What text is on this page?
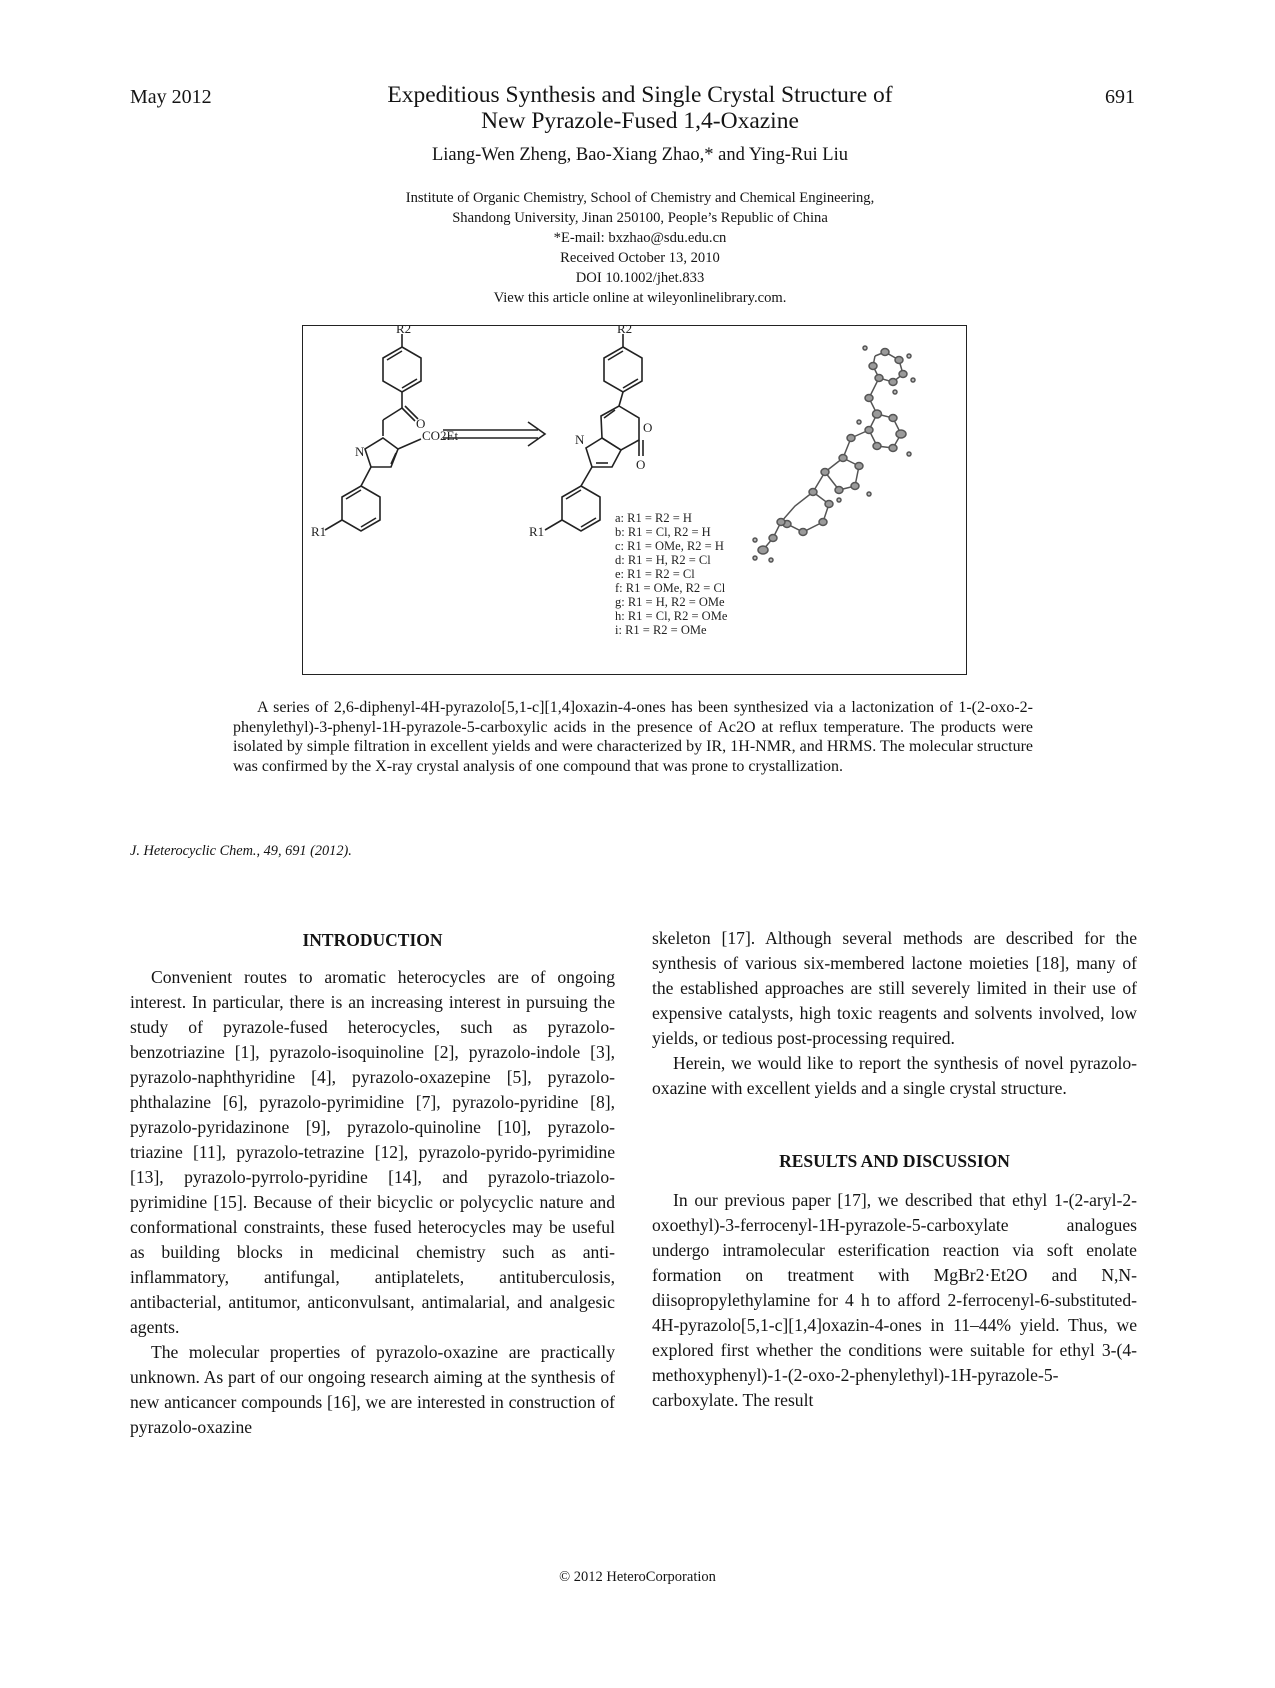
May 2012	Expeditious Synthesis and Single Crystal Structure of
New Pyrazole-Fused 1,4-Oxazine
691
Liang-Wen Zheng, Bao-Xiang Zhao,* and Ying-Rui Liu
Institute of Organic Chemistry, School of Chemistry and Chemical Engineering,
Shandong University, Jinan 250100, People’s Republic of China
*E-mail: bxzhao@sdu.edu.cn
Received October 13, 2010
DOI 10.1002/jhet.833
View this article online at wileyonlinelibrary.com.
R2
O
CO2Et
N
R1
R2
O
O
N
R1
a: R1 = R2 = H
b: R1 = Cl, R2 = H
c: R1 = OMe, R2 = H
d: R1 = H, R2 = Cl
e: R1 = R2 = Cl
f: R1 = OMe, R2 = Cl
g: R1 = H, R2 = OMe
h: R1 = Cl, R2 = OMe
i: R1 = R2 = OMe
A series of 2,6-diphenyl-4H-pyrazolo[5,1-c][1,4]oxazin-4-ones has been synthesized via a lactonization of 1-(2-oxo-2-phenylethyl)-3-phenyl-1H-pyrazole-5-carboxylic acids in the presence of Ac2O at reflux temperature. The products were isolated by simple filtration in excellent yields and were characterized by IR, 1H-NMR, and HRMS. The molecular structure was confirmed by the X-ray crystal analysis of one compound that was prone to crystallization.
J. Heterocyclic Chem., 49, 691 (2012).

INTRODUCTION

Convenient routes to aromatic heterocycles are of ongoing interest. In particular, there is an increasing interest in pursuing the study of pyrazole-fused heterocycles, such as pyrazolo-benzotriazine [1], pyrazolo-isoquinoline [2], pyrazolo-indole [3], pyrazolo-naphthyridine [4], pyrazolo-oxazepine [5], pyrazolo-phthalazine [6], pyrazolo-pyrimidine [7], pyrazolo-pyridine [8], pyrazolo-pyridazinone [9], pyrazolo-quinoline [10], pyrazolo-triazine [11], pyrazolo-tetrazine [12], pyrazolo-pyrido-pyrimidine [13], pyrazolo-pyrrolo-pyridine [14], and pyrazolo-triazolo-pyrimidine [15]. Because of their bicyclic or polycyclic nature and conformational constraints, these fused heterocycles may be useful as building blocks in medicinal chemistry such as anti-inflammatory, antifungal, antiplatelets, antituberculosis, antibacterial, antitumor, anticonvulsant, antimalarial, and analgesic agents.

The molecular properties of pyrazolo-oxazine are practically unknown. As part of our ongoing research aiming at the synthesis of new anticancer compounds [16], we are interested in construction of pyrazolo-oxazine

skeleton [17]. Although several methods are described for the synthesis of various six-membered lactone moieties [18], many of the established approaches are still severely limited in their use of expensive catalysts, high toxic reagents and solvents involved, low yields, or tedious post-processing required.

Herein, we would like to report the synthesis of novel pyrazolo-oxazine with excellent yields and a single crystal structure.

RESULTS AND DISCUSSION

In our previous paper [17], we described that ethyl 1-(2-aryl-2-oxoethyl)-3-ferrocenyl-1H-pyrazole-5-carboxylate analogues undergo intramolecular esterification reaction via soft enolate formation on treatment with MgBr2·Et2O and N,N-diisopropylethylamine for 4 h to afford 2-ferrocenyl-6-substituted-4H-pyrazolo[5,1-c][1,4]oxazin-4-ones in 11–44% yield. Thus, we explored first whether the conditions were suitable for ethyl 3-(4-methoxyphenyl)-1-(2-oxo-2-phenylethyl)-1H-pyrazole-5-carboxylate. The result

© 2012 HeteroCorporation
